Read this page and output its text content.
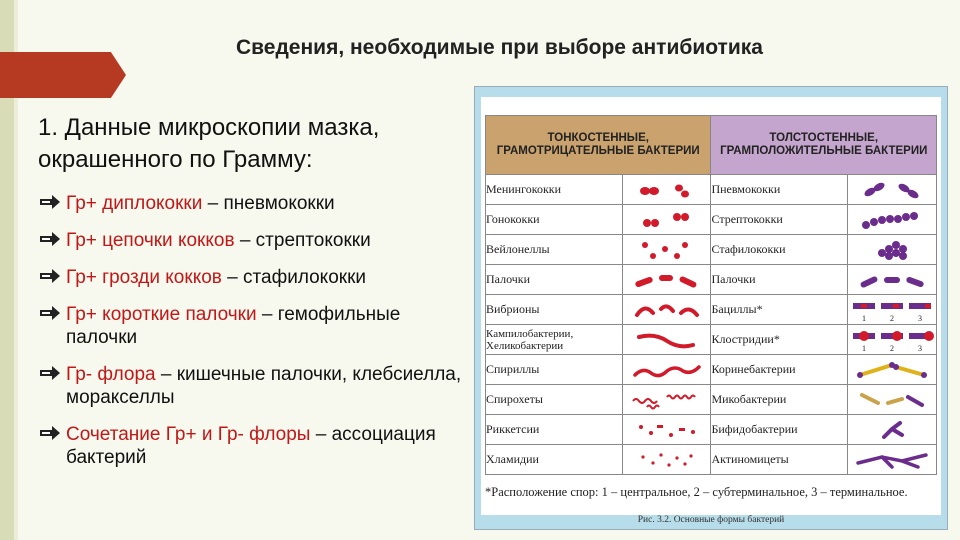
Сведения, необходимые при выборе антибиотика
1. Данные микроскопии мазка,
окрашенного по Грамму:
Гр+ диплококки – пневмококки
Гр+ цепочки кокков – стрептококки
Гр+ грозди кокков – стафилококки
Гр+ короткие палочки – гемофильные палочки
Гр- флора – кишечные палочки, клебсиелла, моракселлы
Сочетание Гр+ и Гр- флоры – ассоциация бактерий
ТОНКОСТЕННЫЕ, ГРАМОТРИЦАТЕЛЬНЫЕ БАКТЕРИИ		ТОЛСТОСТЕННЫЕ, ГРАМПОЛОЖИТЕЛЬНЫЕ БАКТЕРИИ	
Менингококки		Пневмококки	

Гонококки		Стрептококки	

Вейлонеллы		Стафилококки	

Палочки		Палочки	

Вибрионы		Бациллы*	1 2 3

Кампилобактерии, Хеликобактерии		Клостридии*	1 2 3

Спириллы		Коринебактерии	

Спирохеты		Микобактерии	

Риккетсии		Бифидобактерии	

Хламидии		Актиномицеты	
*Расположение спор: 1 – центральное, 2 – субтерминальное, 3 – терминальное.
Рис. 3.2. Основные формы бактерий
